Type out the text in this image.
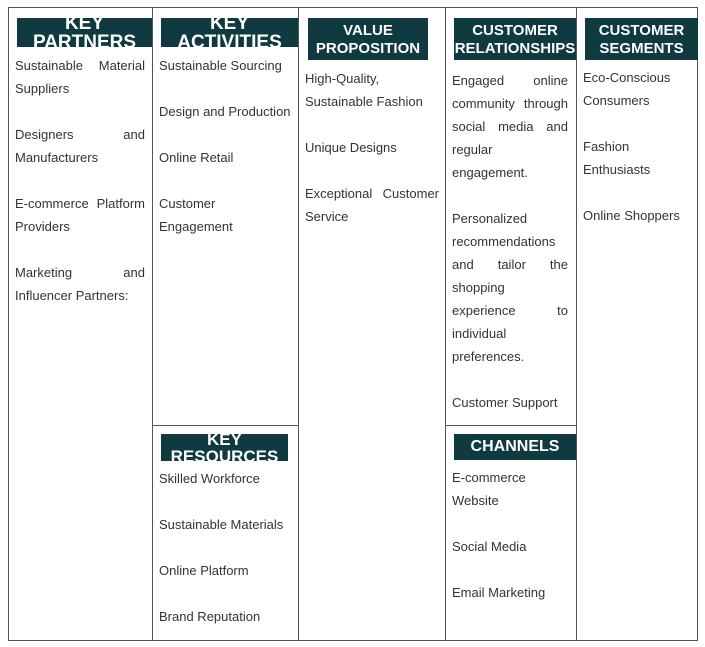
KEY PARTNERS
Sustainable Material Suppliers
Designers and Manufacturers
E-commerce Platform Providers
Marketing and Influencer Partners:
KEY ACTIVITIES
Sustainable Sourcing
Design and Production
Online Retail
Customer Engagement
KEY RESOURCES
Skilled Workforce
Sustainable Materials
Online Platform
Brand Reputation
VALUE
PROPOSITION
High-Quality, Sustainable Fashion
Unique Designs
Exceptional Customer Service
CUSTOMER
RELATIONSHIPS
Engaged online community through social media and regular engagement.
Personalized recommendations and tailor the shopping experience to individual preferences.
Customer Support
CHANNELS
E-commerce Website
Social Media
Email Marketing
CUSTOMER
SEGMENTS
Eco-Conscious Consumers
Fashion Enthusiasts
Online Shoppers
